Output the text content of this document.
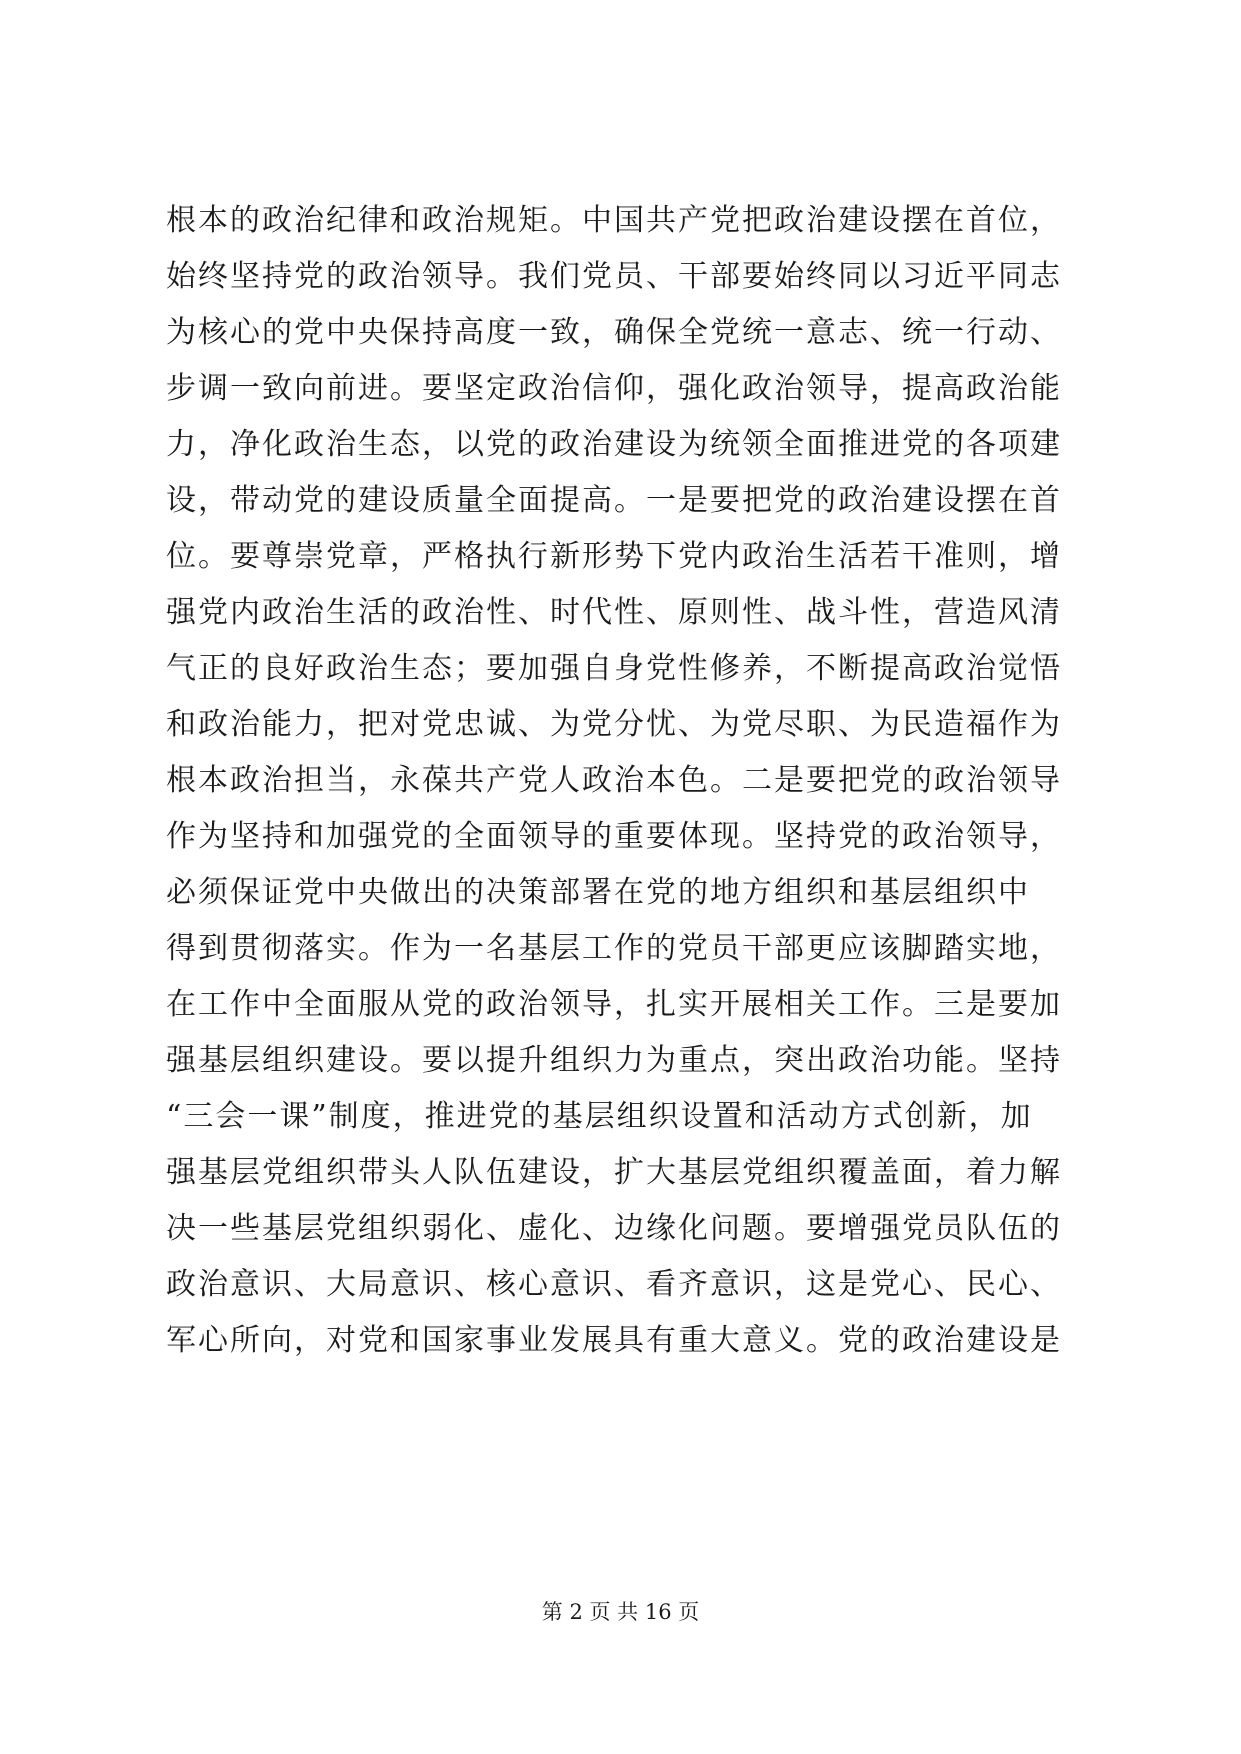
根本的政治纪律和政治规矩。中国共产党把政治建设摆在首位，
始终坚持党的政治领导。我们党员、干部要始终同以习近平同志
为核心的党中央保持高度一致，确保全党统一意志、统一行动、
步调一致向前进。要坚定政治信仰，强化政治领导，提高政治能
力，净化政治生态，以党的政治建设为统领全面推进党的各项建
设，带动党的建设质量全面提高。一是要把党的政治建设摆在首
位。要尊崇党章，严格执行新形势下党内政治生活若干准则，增
强党内政治生活的政治性、时代性、原则性、战斗性，营造风清
气正的良好政治生态；要加强自身党性修养，不断提高政治觉悟
和政治能力，把对党忠诚、为党分忧、为党尽职、为民造福作为
根本政治担当，永葆共产党人政治本色。二是要把党的政治领导
作为坚持和加强党的全面领导的重要体现。坚持党的政治领导，
必须保证党中央做出的决策部署在党的地方组织和基层组织中
得到贯彻落实。作为一名基层工作的党员干部更应该脚踏实地，
在工作中全面服从党的政治领导，扎实开展相关工作。三是要加
强基层组织建设。要以提升组织力为重点，突出政治功能。坚持
“三会一课”制度，推进党的基层组织设置和活动方式创新，加
强基层党组织带头人队伍建设，扩大基层党组织覆盖面，着力解
决一些基层党组织弱化、虚化、边缘化问题。要增强党员队伍的
政治意识、大局意识、核心意识、看齐意识，这是党心、民心、
军心所向，对党和国家事业发展具有重大意义。党的政治建设是
第 2 页 共 16 页
